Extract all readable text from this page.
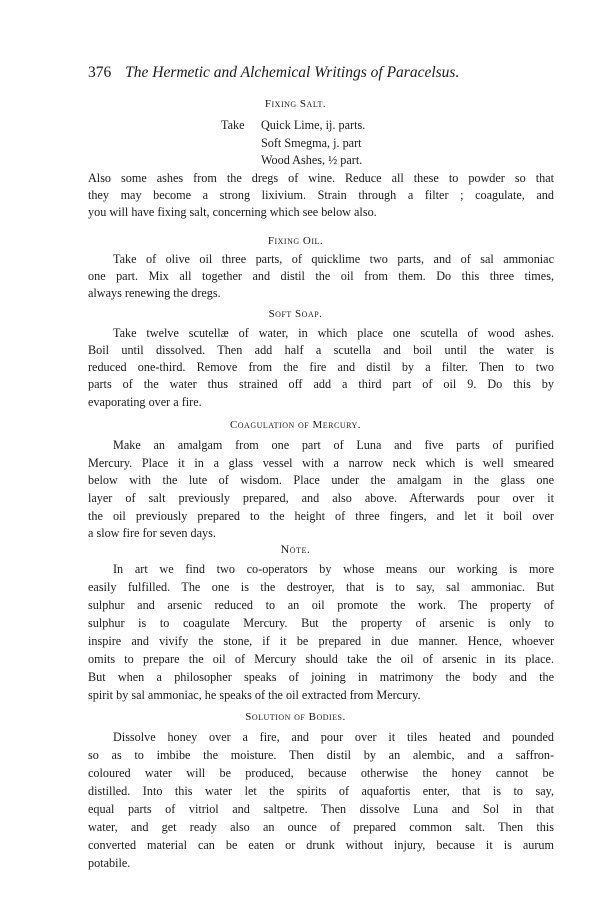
376 The Hermetic and Alchemical Writings of Paracelsus.
Fixing Salt.
Take Quick Lime, ij. parts.
Soft Smegma, j. part
Wood Ashes, ½ part.
Also some ashes from the dregs of wine. Reduce all these to powder so that
they may become a strong lixivium. Strain through a filter ; coagulate, and
you will have fixing salt, concerning which see below also.
Fixing Oil.
Take of olive oil three parts, of quicklime two parts, and of sal ammoniac
one part. Mix all together and distil the oil from them. Do this three times,
always renewing the dregs.
Soft Soap.
Take twelve scutellæ of water, in which place one scutella of wood ashes.
Boil until dissolved. Then add half a scutella and boil until the water is
reduced one-third. Remove from the fire and distil by a filter. Then to two
parts of the water thus strained off add a third part of oil 9. Do this by
evaporating over a fire.
Coagulation of Mercury.
Make an amalgam from one part of Luna and five parts of purified
Mercury. Place it in a glass vessel with a narrow neck which is well smeared
below with the lute of wisdom. Place under the amalgam in the glass one
layer of salt previously prepared, and also above. Afterwards pour over it
the oil previously prepared to the height of three fingers, and let it boil over
a slow fire for seven days.
Note.
In art we find two co-operators by whose means our working is more
easily fulfilled. The one is the destroyer, that is to say, sal ammoniac. But
sulphur and arsenic reduced to an oil promote the work. The property of
sulphur is to coagulate Mercury. But the property of arsenic is only to
inspire and vivify the stone, if it be prepared in due manner. Hence, whoever
omits to prepare the oil of Mercury should take the oil of arsenic in its place.
But when a philosopher speaks of joining in matrimony the body and the
spirit by sal ammoniac, he speaks of the oil extracted from Mercury.
Solution of Bodies.
Dissolve honey over a fire, and pour over it tiles heated and pounded
so as to imbibe the moisture. Then distil by an alembic, and a saffron-
coloured water will be produced, because otherwise the honey cannot be
distilled. Into this water let the spirits of aquafortis enter, that is to say,
equal parts of vitriol and saltpetre. Then dissolve Luna and Sol in that
water, and get ready also an ounce of prepared common salt. Then this
converted material can be eaten or drunk without injury, because it is aurum
potabile.
